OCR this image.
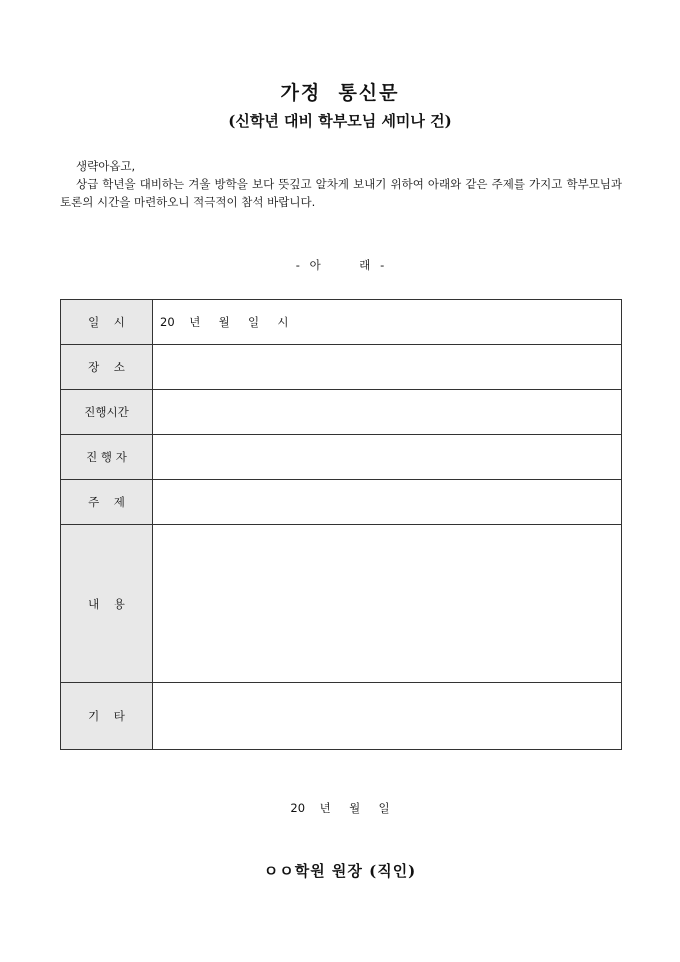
가정  통신문
(신학년 대비 학부모님 세미나 건)

생략아옵고,

상급 학년을 대비하는 겨울 방학을 보다 뜻깊고 알차게 보내기 위하여 아래와 같은 주제를 가지고 학부모님과 토론의 시간을 마련하오니 적극적이 참석 바랍니다.

- 아    래 -
일    시	20    년     월     일     시
장    소	
진행시간	
진 행 자	
주    제	
내    용	
기    타	
20    년     월     일
ㅇㅇ학원 원장 (직인)
